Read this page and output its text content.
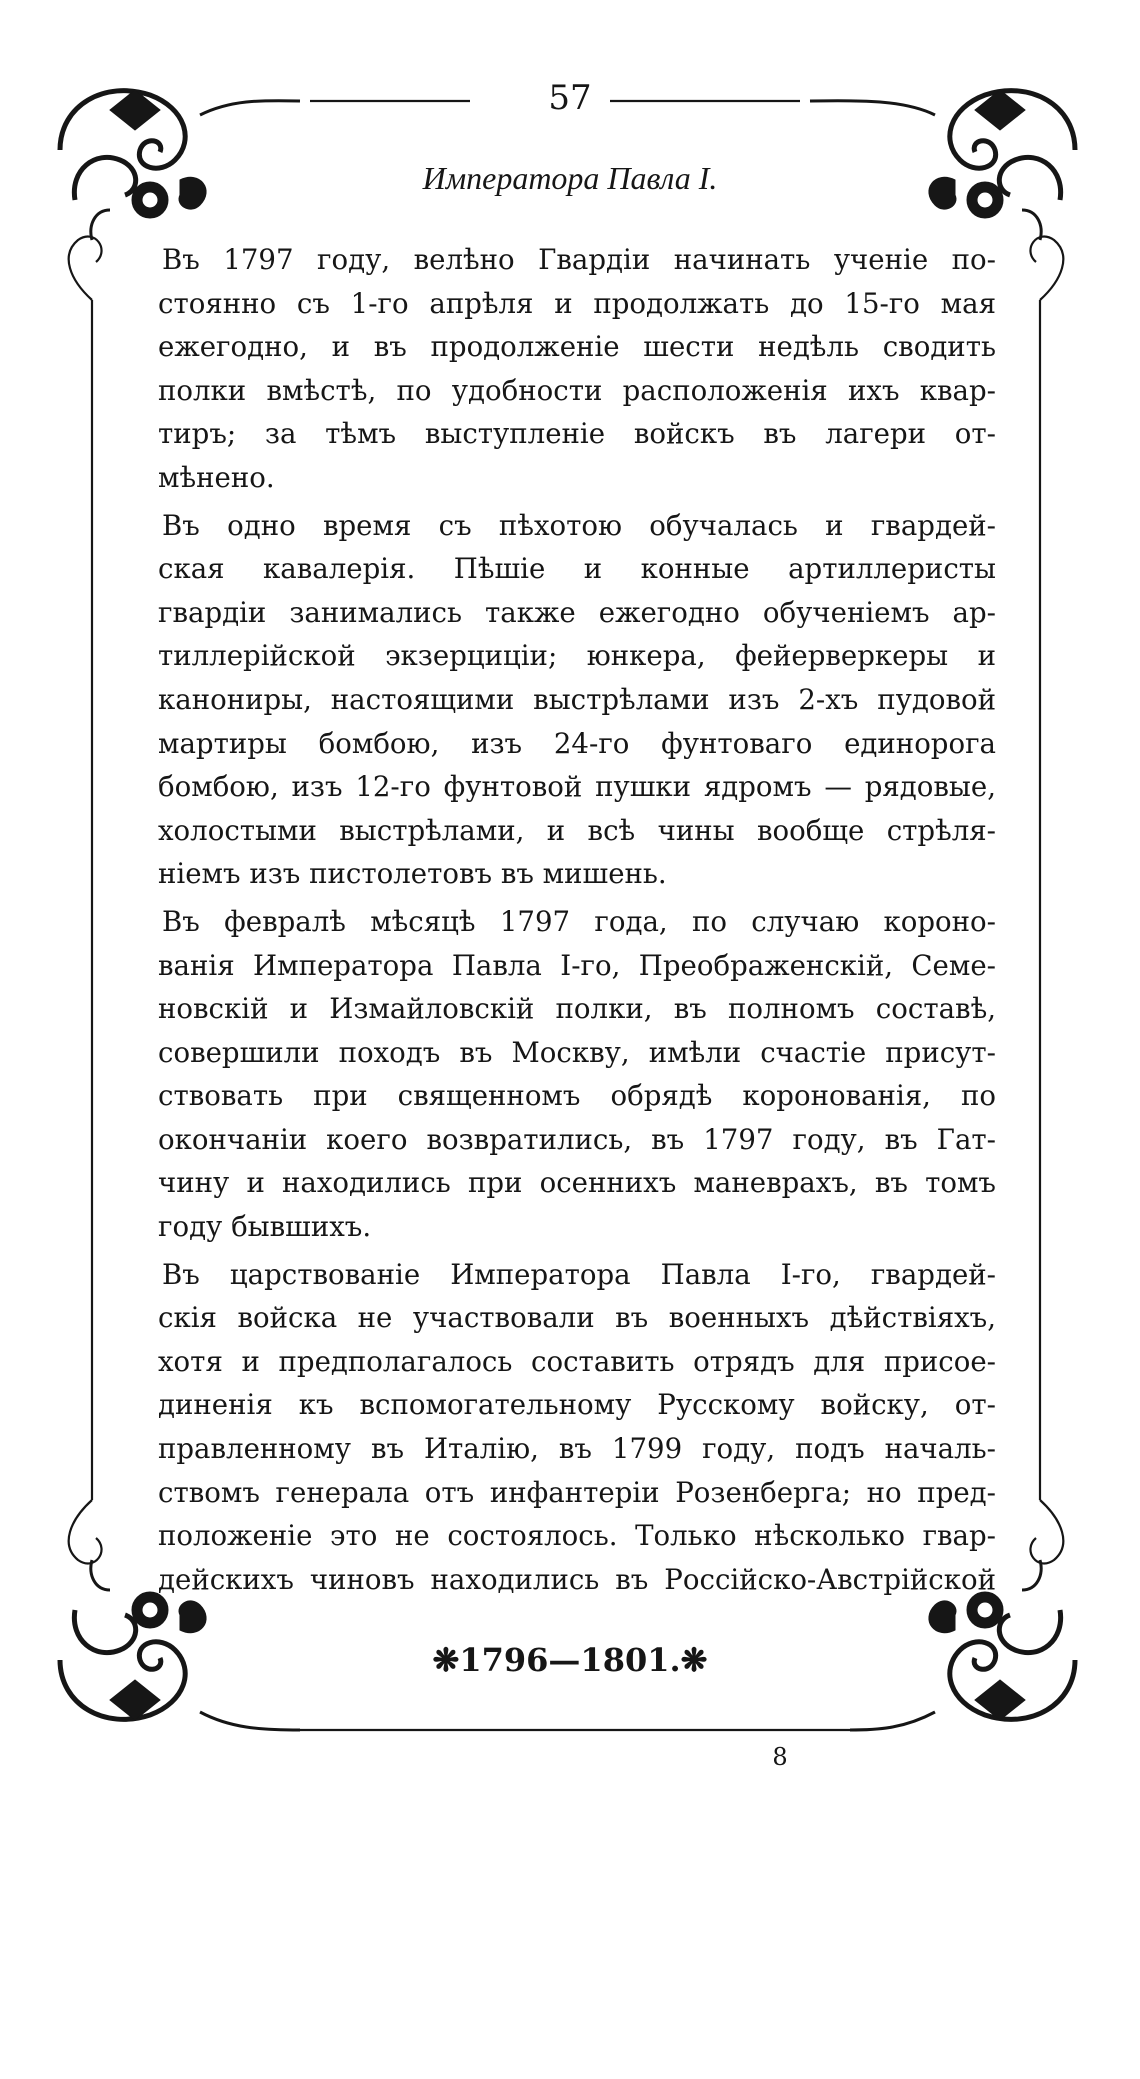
57
Императора Павла I.

Въ 1797 году, велѣно Гвардіи начинать ученіе по-
стоянно съ 1-го апрѣля и продолжать до 15-го мая
ежегодно, и въ продолженіе шести недѣль сводить
полки вмѣстѣ, по удобности расположенія ихъ квар-
тиръ; за тѣмъ выступленіе войскъ въ лагери от-
мѣнено.

Въ одно время съ пѣхотою обучалась и гвардей-
ская кавалерія. Пѣшіе и конные артиллеристы
гвардіи занимались также ежегодно обученіемъ ар-
тиллерійской экзерциціи; юнкера, фейерверкеры и
канониры, настоящими выстрѣлами изъ 2-хъ пудовой
мартиры бомбою, изъ 24-го фунтоваго единорога
бомбою, изъ 12-го фунтовой пушки ядромъ — рядовые,
холостыми выстрѣлами, и всѣ чины вообще стрѣля-
ніемъ изъ пистолетовъ въ мишень.

Въ февралѣ мѣсяцѣ 1797 года, по случаю короно-
ванія Императора Павла I-го, Преображенскій, Семе-
новскій и Измайловскій полки, въ полномъ составѣ,
совершили походъ въ Москву, имѣли счастіе присут-
ствовать при священномъ обрядѣ коронованія, по
окончаніи коего возвратились, въ 1797 году, въ Гат-
чину и находились при осеннихъ маневрахъ, въ томъ
году бывшихъ.

Въ царствованіе Императора Павла I-го, гвардей-
скія войска не участвовали въ военныхъ дѣйствіяхъ,
хотя и предполагалось составить отрядъ для присое-
диненія къ вспомогательному Русскому войску, от-
правленному въ Италію, въ 1799 году, подъ началь-
ствомъ генерала отъ инфантеріи Розенберга; но пред-
положеніе это не состоялось. Только нѣсколько гвар-
дейскихъ чиновъ находились въ Россійско-Австрійской

❋1796—1801.❋
8
